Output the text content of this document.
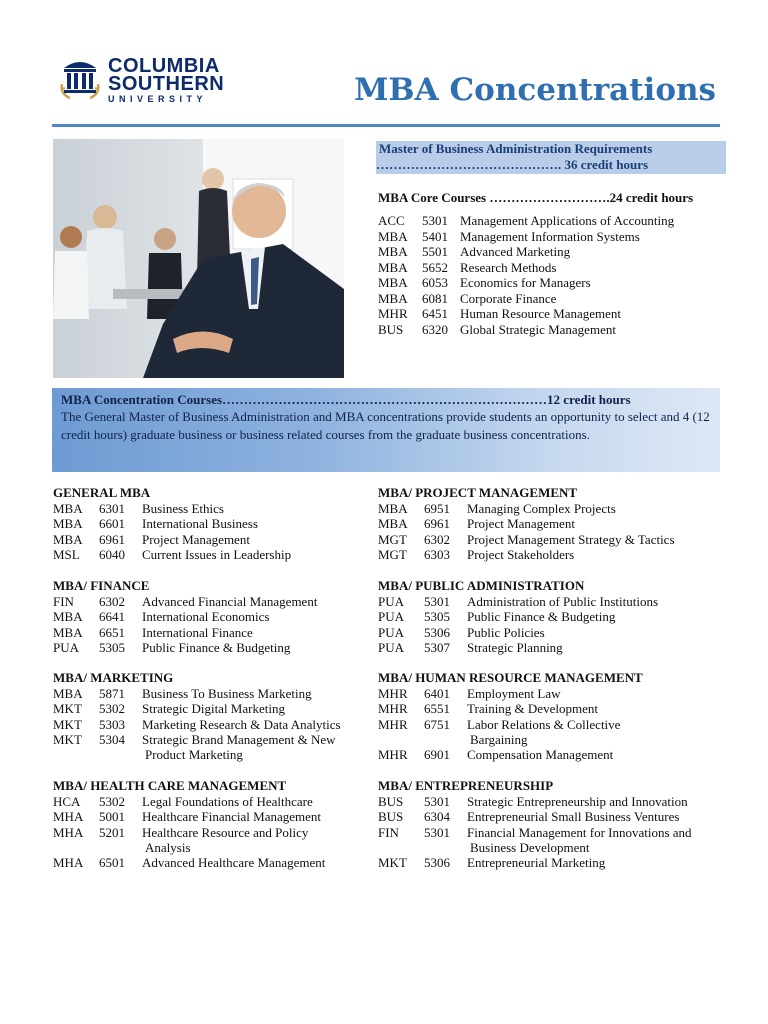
COLUMBIA
SOUTHERN
UNIVERSITY	MBA Concentrations
Master of Business Administration Requirements
……………………………………. 36 credit hours
MBA Core Courses ……………………….24 credit hours
ACC 5301 Management Applications of Accounting
MBA 5401 Management Information Systems
MBA 5501 Advanced Marketing
MBA 5652 Research Methods
MBA 6053 Economics for Managers
MBA 6081 Corporate Finance
MHR 6451 Human Resource Management
BUS 6320 Global Strategic Management
MBA Concentration Courses…………………………………………………………………12 credit hours
The General Master of Business Administration and MBA concentrations provide students an opportunity to select and 4 (12 credit hours) graduate business or business related courses from the graduate business concentrations.
GENERAL MBA
MBA 6301 Business Ethics
MBA 6601 International Business
MBA 6961 Project Management
MSL 6040 Current Issues in Leadership
MBA/ PROJECT MANAGEMENT
MBA 6951 Managing Complex Projects
MBA 6961 Project Management
MGT 6302 Project Management Strategy & Tactics
MGT 6303 Project Stakeholders
MBA/ FINANCE
FIN 6302 Advanced Financial Management
MBA 6641 International Economics
MBA 6651 International Finance
PUA 5305 Public Finance & Budgeting
MBA/ PUBLIC ADMINISTRATION
PUA 5301 Administration of Public Institutions
PUA 5305 Public Finance & Budgeting
PUA 5306 Public Policies
PUA 5307 Strategic Planning
MBA/ MARKETING
MBA 5871 Business To Business Marketing
MKT 5302 Strategic Digital Marketing
MKT 5303 Marketing Research & Data Analytics
MKT 5304 Strategic Brand Management & New
Product Marketing
MBA/ HUMAN RESOURCE MANAGEMENT
MHR 6401 Employment Law
MHR 6551 Training & Development
MHR 6751 Labor Relations & Collective
Bargaining
MHR 6901 Compensation Management
MBA/ HEALTH CARE MANAGEMENT
HCA 5302 Legal Foundations of Healthcare
MHA 5001 Healthcare Financial Management
MHA 5201 Healthcare Resource and Policy
Analysis
MHA 6501 Advanced Healthcare Management
MBA/ ENTREPRENEURSHIP
BUS 5301 Strategic Entrepreneurship and Innovation
BUS 6304 Entrepreneurial Small Business Ventures
FIN 5301 Financial Management for Innovations and
Business Development
MKT 5306 Entrepreneurial Marketing
